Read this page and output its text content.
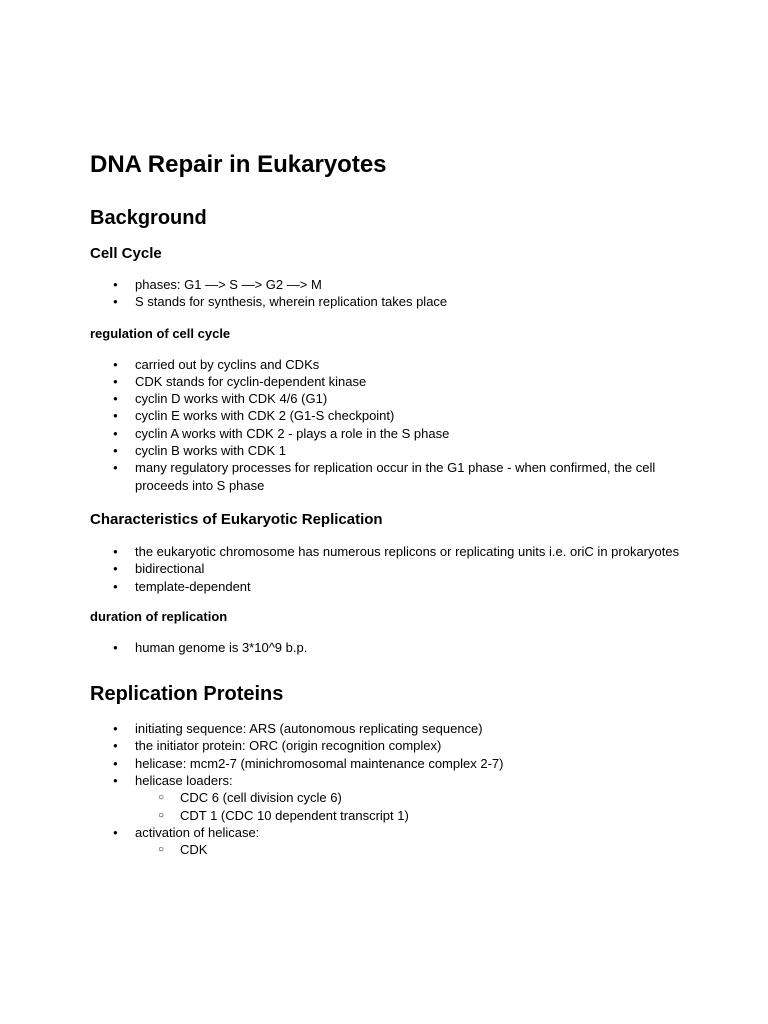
DNA Repair in Eukaryotes
Background
Cell Cycle
● phases: G1 —> S —> G2 —> M
● S stands for synthesis, wherein replication takes place
regulation of cell cycle
● carried out by cyclins and CDKs
● CDK stands for cyclin-dependent kinase
● cyclin D works with CDK 4/6 (G1)
● cyclin E works with CDK 2 (G1-S checkpoint)
● cyclin A works with CDK 2 - plays a role in the S phase
● cyclin B works with CDK 1
● many regulatory processes for replication occur in the G1 phase - when confirmed, the cell proceeds into S phase
Characteristics of Eukaryotic Replication
● the eukaryotic chromosome has numerous replicons or replicating units i.e. oriC in prokaryotes
● bidirectional
● template-dependent
duration of replication
● human genome is 3*10^9 b.p.
Replication Proteins
● initiating sequence: ARS (autonomous replicating sequence)
● the initiator protein: ORC (origin recognition complex)
● helicase: mcm2-7 (minichromosomal maintenance complex 2-7)
● helicase loaders:
○ CDC 6 (cell division cycle 6)
○ CDT 1 (CDC 10 dependent transcript 1)
● activation of helicase:
○ CDK
